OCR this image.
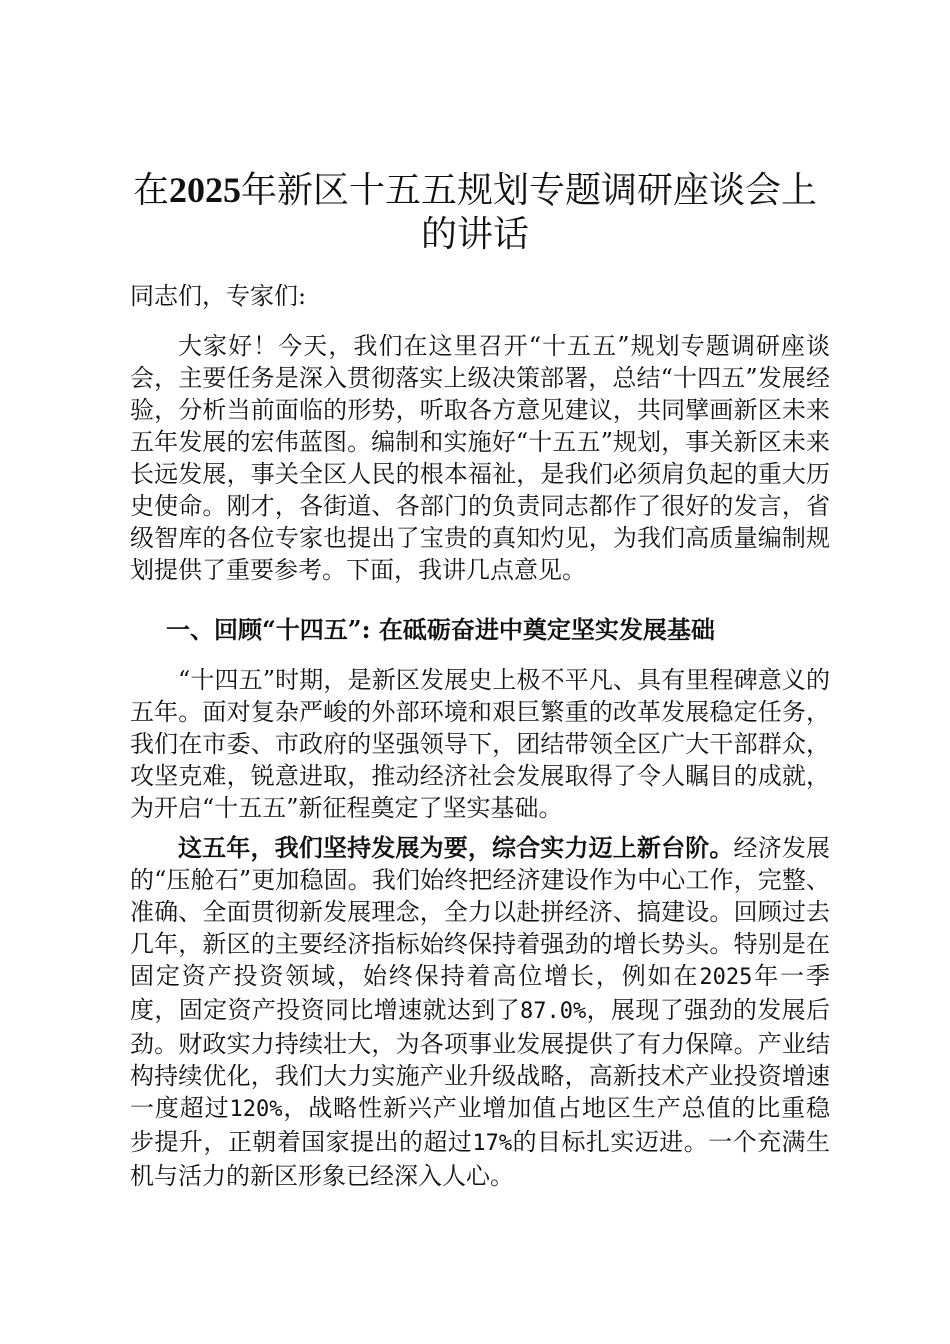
在2025年新区十五五规划专题调研座谈会上的讲话

同志们，专家们:

大家好！今天，我们在这里召开“十五五”规划专题调研座谈会，主要任务是深入贯彻落实上级决策部署，总结“十四五”发展经验，分析当前面临的形势，听取各方意见建议，共同擘画新区未来五年发展的宏伟蓝图。编制和实施好“十五五”规划，事关新区未来长远发展，事关全区人民的根本福祉，是我们必须肩负起的重大历史使命。刚才，各街道、各部门的负责同志都作了很好的发言，省级智库的各位专家也提出了宝贵的真知灼见，为我们高质量编制规划提供了重要参考。下面，我讲几点意见。

一、回顾“十四五”: 在砥砺奋进中奠定坚实发展基础

“十四五”时期，是新区发展史上极不平凡、具有里程碑意义的五年。面对复杂严峻的外部环境和艰巨繁重的改革发展稳定任务，我们在市委、市政府的坚强领导下，团结带领全区广大干部群众，攻坚克难，锐意进取，推动经济社会发展取得了令人瞩目的成就，为开启“十五五”新征程奠定了坚实基础。

这五年，我们坚持发展为要，综合实力迈上新台阶。经济发展的“压舱石”更加稳固。我们始终把经济建设作为中心工作，完整、准确、全面贯彻新发展理念，全力以赴拼经济、搞建设。回顾过去几年，新区的主要经济指标始终保持着强劲的增长势头。特别是在固定资产投资领域，始终保持着高位增长，例如在2025年一季度，固定资产投资同比增速就达到了87.0%，展现了强劲的发展后劲。财政实力持续壮大，为各项事业发展提供了有力保障。产业结构持续优化，我们大力实施产业升级战略，高新技术产业投资增速一度超过120%，战略性新兴产业增加值占地区生产总值的比重稳步提升，正朝着国家提出的超过17%的目标扎实迈进。一个充满生机与活力的新区形象已经深入人心。
